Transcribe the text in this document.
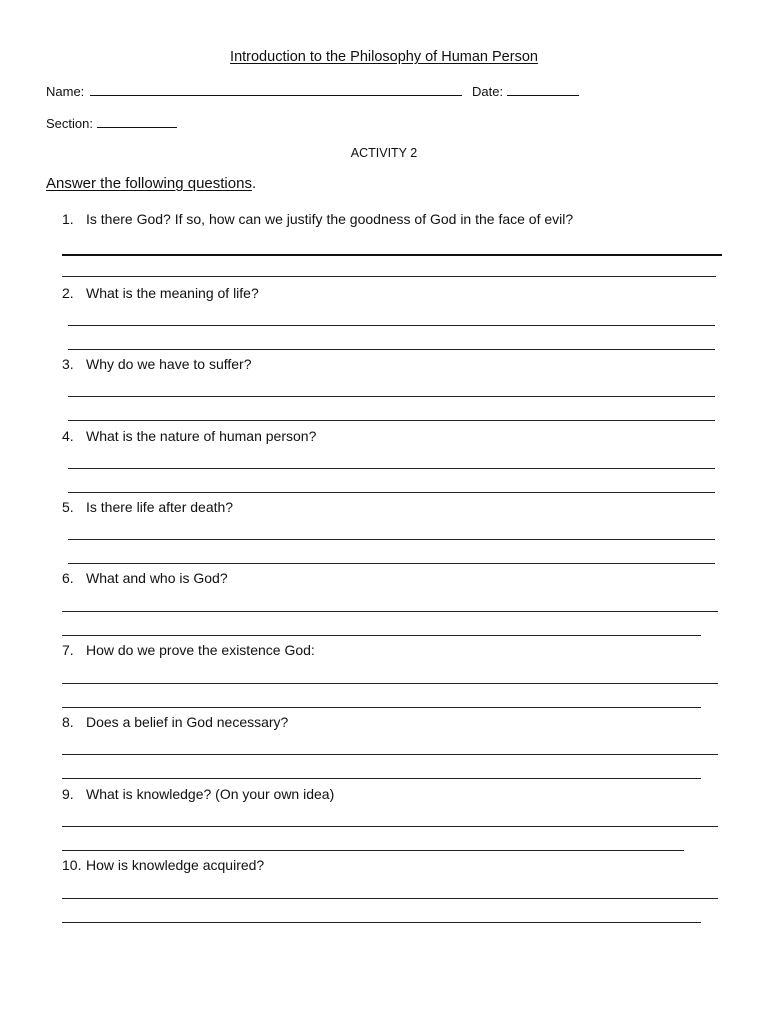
Introduction to the Philosophy of Human Person
Name:	Date:
Section:
ACTIVITY 2
Answer the following questions.
1. Is there God? If so, how can we justify the goodness of God in the face of evil?
2. What is the meaning of life?
3. Why do we have to suffer?
4. What is the nature of human person?
5. Is there life after death?
6. What and who is God?
7. How do we prove the existence God:
8. Does a belief in God necessary?
9. What is knowledge? (On your own idea)
10. How is knowledge acquired?
